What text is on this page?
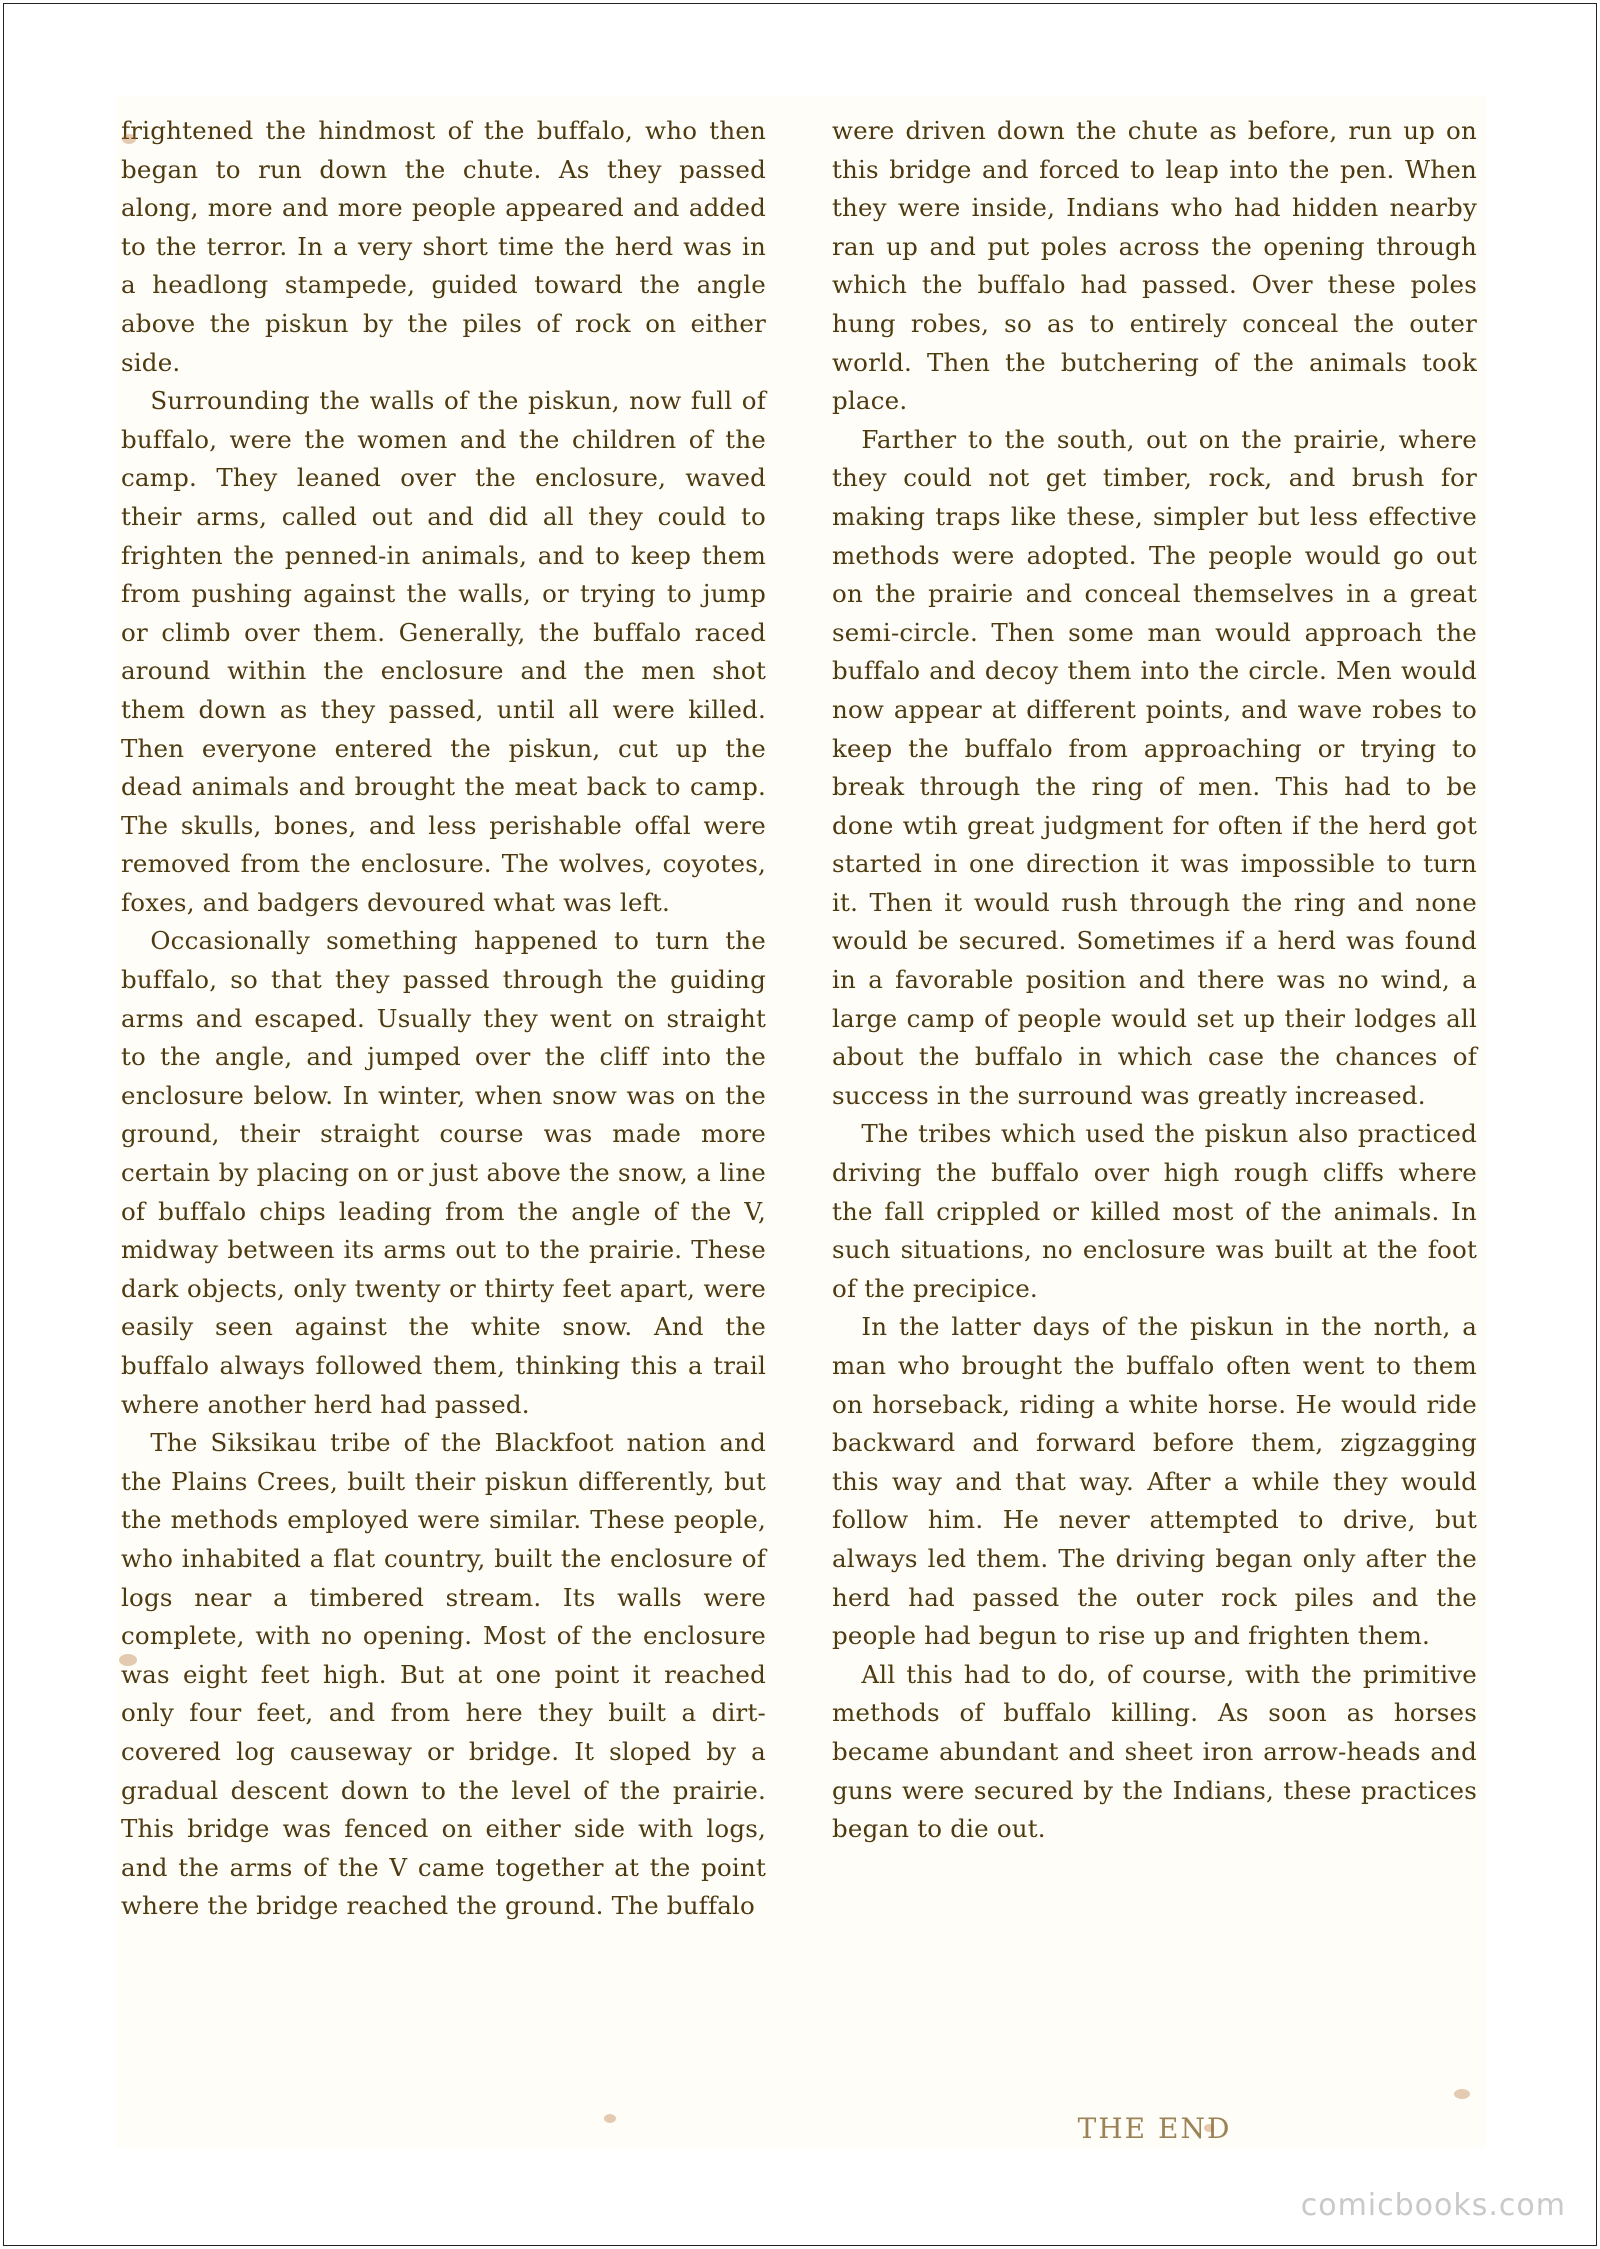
frightened the hindmost of the buffalo, who then began to run down the chute. As they passed along, more and more people appeared and added to the terror. In a very short time the herd was in a headlong stampede, guided toward the angle above the piskun by the piles of rock on either side.

Surrounding the walls of the piskun, now full of buffalo, were the women and the children of the camp. They leaned over the enclosure, waved their arms, called out and did all they could to frighten the penned-in animals, and to keep them from pushing against the walls, or trying to jump or climb over them. Generally, the buffalo raced around within the enclosure and the men shot them down as they passed, until all were killed. Then everyone entered the piskun, cut up the dead animals and brought the meat back to camp. The skulls, bones, and less perishable offal were removed from the enclosure. The wolves, coyotes, foxes, and badgers devoured what was left.

Occasionally something happened to turn the buffalo, so that they passed through the guiding arms and escaped. Usually they went on straight to the angle, and jumped over the cliff into the enclosure below. In winter, when snow was on the ground, their straight course was made more certain by placing on or just above the snow, a line of buffalo chips leading from the angle of the V, midway between its arms out to the prairie. These dark objects, only twenty or thirty feet apart, were easily seen against the white snow. And the buffalo always followed them, thinking this a trail where another herd had passed.

The Siksikau tribe of the Blackfoot nation and the Plains Crees, built their piskun differently, but the methods employed were similar. These people, who inhabited a flat country, built the enclosure of logs near a timbered stream. Its walls were complete, with no opening. Most of the enclosure was eight feet high. But at one point it reached only four feet, and from here they built a dirt-covered log causeway or bridge. It sloped by a gradual descent down to the level of the prairie. This bridge was fenced on either side with logs, and the arms of the V came together at the point where the bridge reached the ground. The buffalo

were driven down the chute as before, run up on this bridge and forced to leap into the pen. When they were inside, Indians who had hidden nearby ran up and put poles across the opening through which the buffalo had passed. Over these poles hung robes, so as to entirely conceal the outer world. Then the butchering of the animals took place.

Farther to the south, out on the prairie, where they could not get timber, rock, and brush for making traps like these, simpler but less effective methods were adopted. The people would go out on the prairie and conceal themselves in a great semi-circle. Then some man would approach the buffalo and decoy them into the circle. Men would now appear at different points, and wave robes to keep the buffalo from approaching or trying to break through the ring of men. This had to be done wtih great judgment for often if the herd got started in one direction it was impossible to turn it. Then it would rush through the ring and none would be secured. Sometimes if a herd was found in a favorable position and there was no wind, a large camp of people would set up their lodges all about the buffalo in which case the chances of success in the surround was greatly increased.

The tribes which used the piskun also practiced driving the buffalo over high rough cliffs where the fall crippled or killed most of the animals. In such situations, no enclosure was built at the foot of the precipice.

In the latter days of the piskun in the north, a man who brought the buffalo often went to them on horseback, riding a white horse. He would ride backward and forward before them, zigzagging this way and that way. After a while they would follow him. He never attempted to drive, but always led them. The driving began only after the herd had passed the outer rock piles and the people had begun to rise up and frighten them.

All this had to do, of course, with the primitive methods of buffalo killing. As soon as horses became abundant and sheet iron arrow-heads and guns were secured by the Indians, these practices began to die out.

THE END
comicbooks.com
